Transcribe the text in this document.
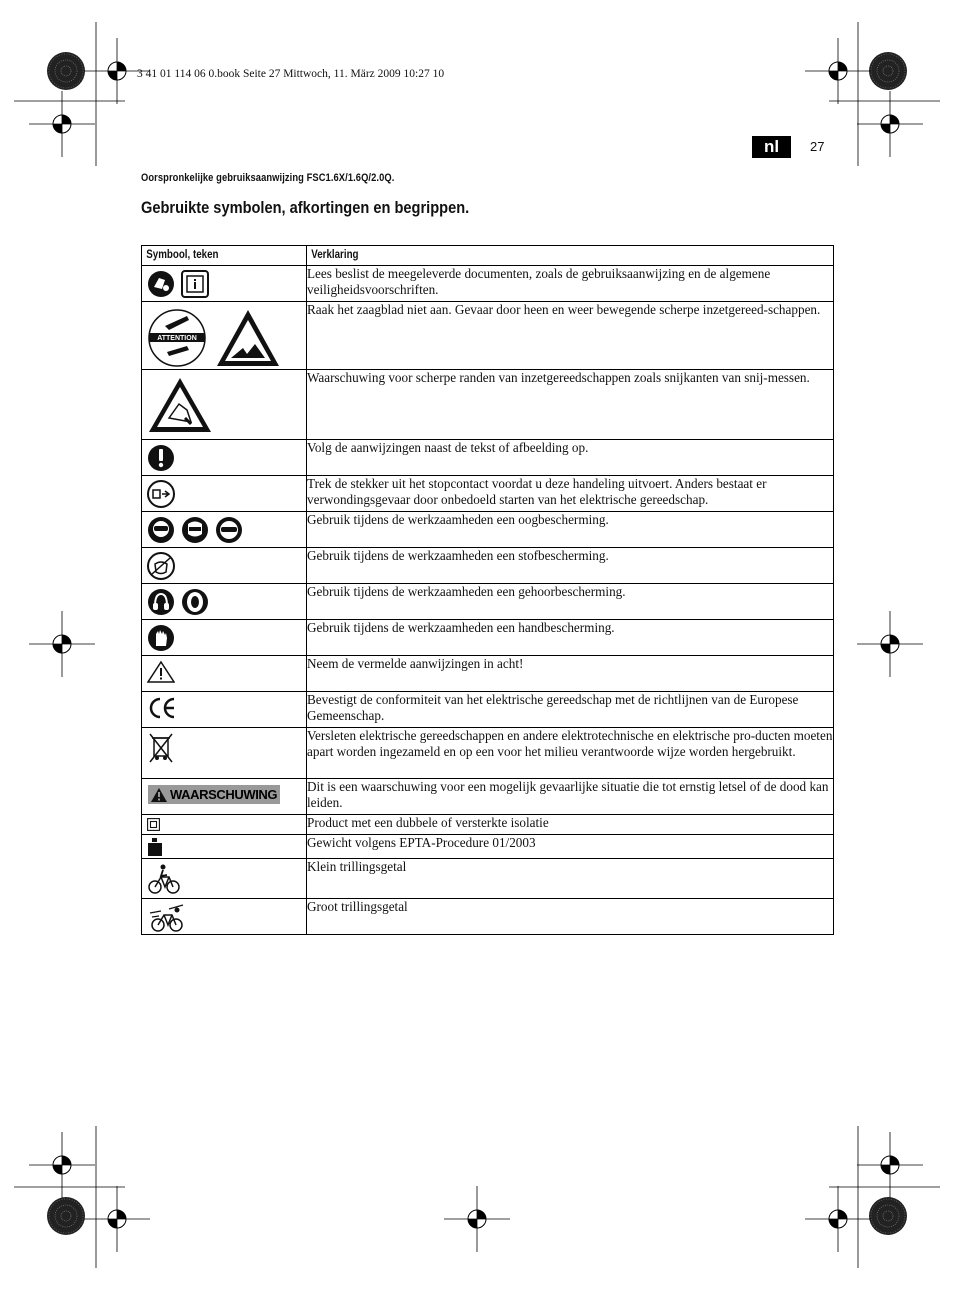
3 41 01 114 06 0.book Seite 27 Mittwoch, 11. März 2009 10:27 10
nl	27
Oorspronkelijke gebruiksaanwijzing FSC1.6X/1.6Q/2.0Q.
Gebruikte symbolen, afkortingen en begrippen.
Symbool, teken	Verklaring

	Lees beslist de meegeleverde documenten, zoals de gebruiksaanwijzing en de algemene veiligheidsvoorschriften.

ATTENTION	Raak het zaagblad niet aan. Gevaar door heen en weer bewegende scherpe inzetgereed-schappen.

	Waarschuwing voor scherpe randen van inzetgereedschappen zoals snijkanten van snij-messen.

	Volg de aanwijzingen naast de tekst of afbeelding op.

	Trek de stekker uit het stopcontact voordat u deze handeling uitvoert. Anders bestaat er verwondingsgevaar door onbedoeld starten van het elektrische gereedschap.

	Gebruik tijdens de werkzaamheden een oogbescherming.

	Gebruik tijdens de werkzaamheden een stofbescherming.

	Gebruik tijdens de werkzaamheden een gehoorbescherming.

	Gebruik tijdens de werkzaamheden een handbescherming.

	Neem de vermelde aanwijzingen in acht!

	Bevestigt de conformiteit van het elektrische gereedschap met de richtlijnen van de Europese Gemeenschap.

	Versleten elektrische gereedschappen en andere elektrotechnische en elektrische pro-ducten moeten apart worden ingezameld en op een voor het milieu verantwoorde wijze worden hergebruikt.

WAARSCHUWING	Dit is een waarschuwing voor een mogelijk gevaarlijke situatie die tot ernstig letsel of de dood kan leiden.

	Product met een dubbele of versterkte isolatie

	Gewicht volgens EPTA-Procedure 01/2003

	Klein trillingsgetal

	Groot trillingsgetal
